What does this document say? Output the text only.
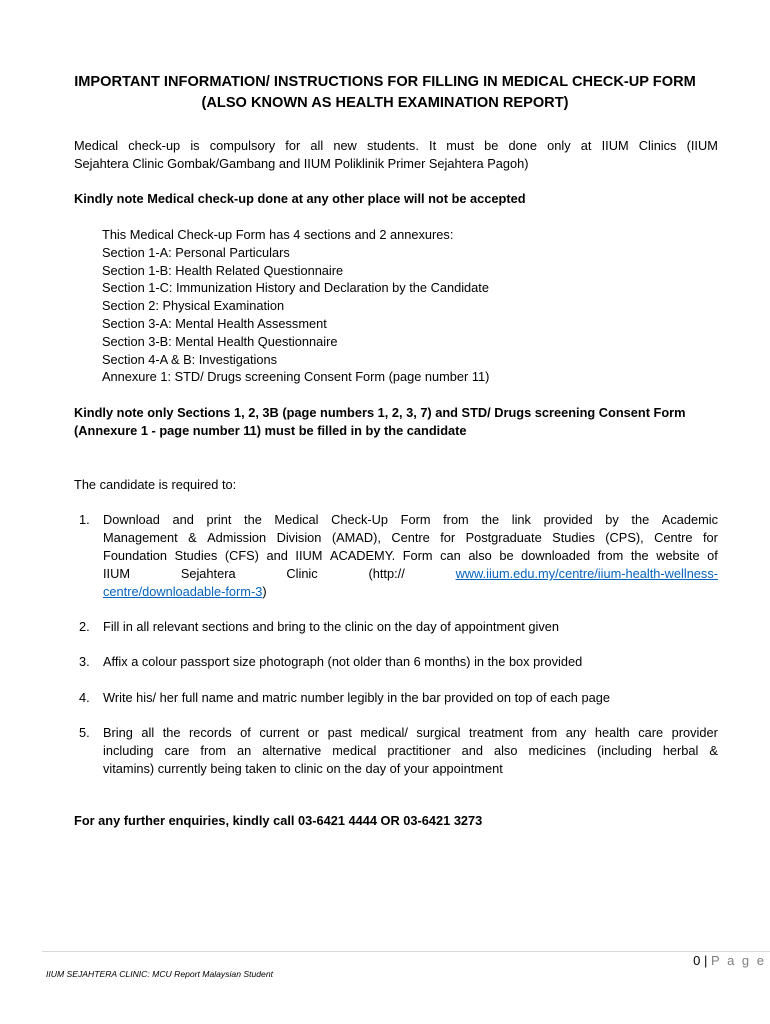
IMPORTANT INFORMATION/ INSTRUCTIONS FOR FILLING IN MEDICAL CHECK-UP FORM
(ALSO KNOWN AS HEALTH EXAMINATION REPORT)
Medical check-up is compulsory for all new students. It must be done only at IIUM Clinics (IIUM
Sejahtera Clinic Gombak/Gambang and IIUM Poliklinik Primer Sejahtera Pagoh)
Kindly note Medical check-up done at any other place will not be accepted
This Medical Check-up Form has 4 sections and 2 annexures:
Section 1-A: Personal Particulars
Section 1-B: Health Related Questionnaire
Section 1-C: Immunization History and Declaration by the Candidate
Section 2: Physical Examination
Section 3-A: Mental Health Assessment
Section 3-B: Mental Health Questionnaire
Section 4-A & B: Investigations
Annexure 1: STD/ Drugs screening Consent Form (page number 11)
Kindly note only Sections 1, 2, 3B (page numbers 1, 2, 3, 7) and STD/ Drugs screening Consent Form
(Annexure 1 - page number 11) must be filled in by the candidate
The candidate is required to:
1.	Download and print the Medical Check-Up Form from the link provided by the Academic
Management & Admission Division (AMAD), Centre for Postgraduate Studies (CPS), Centre for
Foundation Studies (CFS) and IIUM ACADEMY. Form can also be downloaded from the website of
IIUM	Sejahtera	Clinic	(http://	www.iium.edu.my/centre/iium-health-wellness-
centre/downloadable-form-3)
2.	Fill in all relevant sections and bring to the clinic on the day of appointment given
3.	Affix a colour passport size photograph (not older than 6 months) in the box provided
4.	Write his/ her full name and matric number legibly in the bar provided on top of each page
5.	Bring all the records of current or past medical/ surgical treatment from any health care provider
including care from an alternative medical practitioner and also medicines (including herbal &
vitamins) currently being taken to clinic on the day of your appointment
For any further enquiries, kindly call 03-6421 4444 OR 03-6421 3273
0 | P a g e
IIUM SEJAHTERA CLINIC: MCU Report Malaysian Student
